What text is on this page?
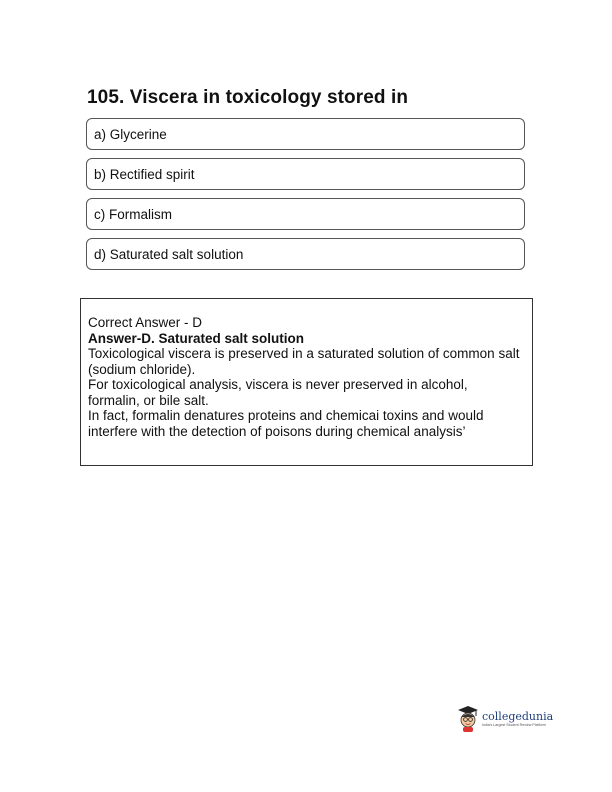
105. Viscera in toxicology stored in
a) Glycerine
b) Rectified spirit
c) Formalism
d) Saturated salt solution
Correct Answer - D
Answer-D. Saturated salt solution
Toxicological viscera is preserved in a saturated solution of common salt (sodium chloride).
For toxicological analysis, viscera is never preserved in alcohol,
formalin, or bile salt.
In fact, formalin denatures proteins and chemicai toxins and would interfere with the detection of poisons during chemical analysis’
collegedunia
India's Largest Student Review Platform
